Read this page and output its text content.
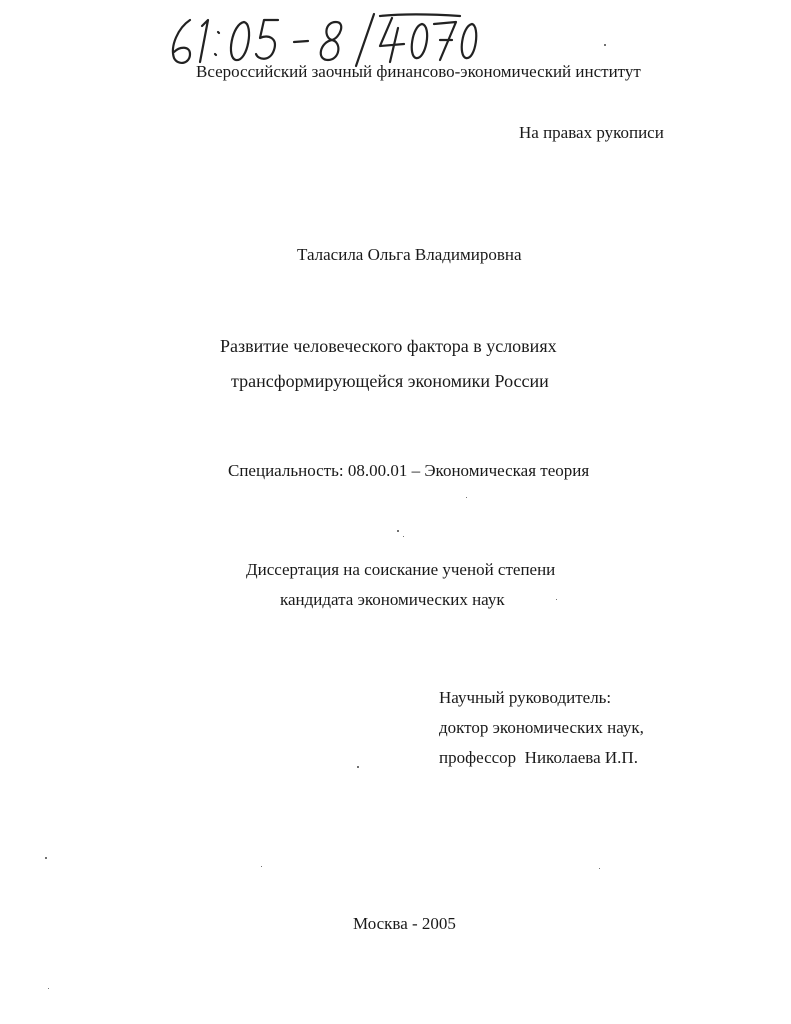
Всероссийский заочный финансово-экономический институт
На правах рукописи
Таласила Ольга Владимировна
Развитие человеческого фактора в условиях
трансформирующейся экономики России
Специальность: 08.00.01 – Экономическая теория
Диссертация на соискание ученой степени
кандидата экономических наук
Научный руководитель:
доктор экономических наук,
профессор  Николаева И.П.
Москва - 2005
